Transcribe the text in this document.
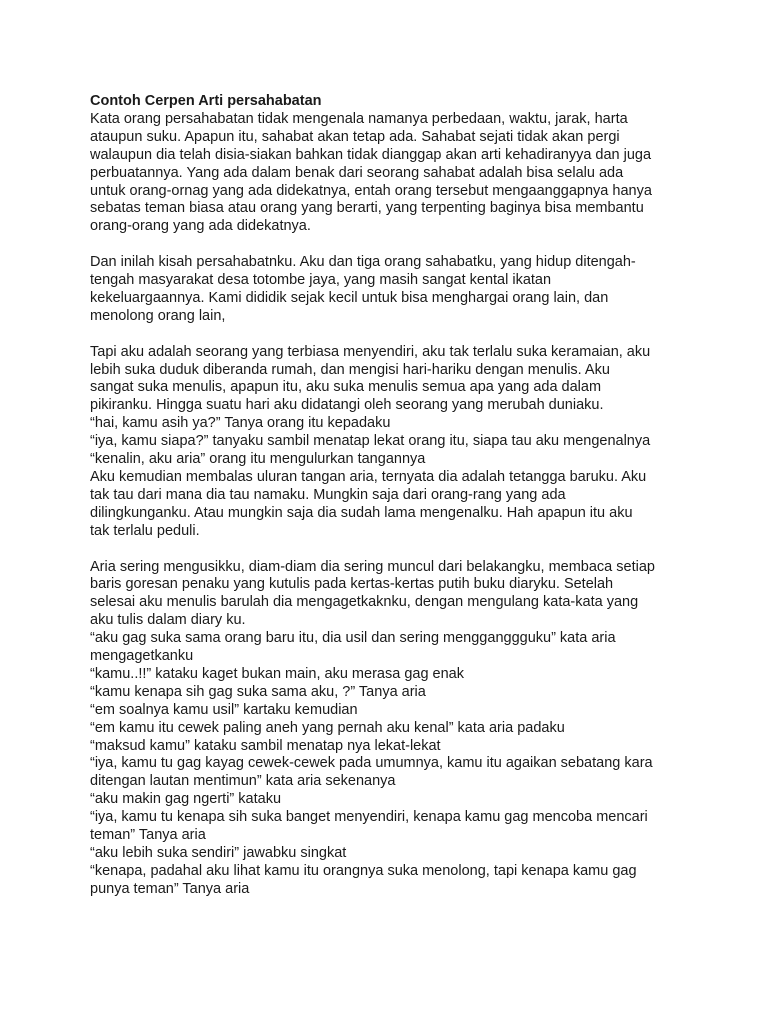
Contoh Cerpen Arti persahabatan
Kata orang persahabatan tidak mengenala namanya perbedaan, waktu, jarak, harta
ataupun suku. Apapun itu, sahabat akan tetap ada. Sahabat sejati tidak akan pergi
walaupun dia telah disia-siakan bahkan tidak dianggap akan arti kehadiranyya dan juga
perbuatannya. Yang ada dalam benak dari seorang sahabat adalah bisa selalu ada
untuk orang-ornag yang ada didekatnya, entah orang tersebut mengaanggapnya hanya
sebatas teman biasa atau orang yang berarti, yang terpenting baginya bisa membantu
orang-orang yang ada didekatnya.
Dan inilah kisah persahabatnku. Aku dan tiga orang sahabatku, yang hidup ditengah-
tengah masyarakat desa totombe jaya, yang masih sangat kental ikatan
kekeluargaannya. Kami dididik sejak kecil untuk bisa menghargai orang lain, dan
menolong orang lain,
Tapi aku adalah seorang yang terbiasa menyendiri, aku tak terlalu suka keramaian, aku
lebih suka duduk diberanda rumah, dan mengisi hari-hariku dengan menulis. Aku
sangat suka menulis, apapun itu, aku suka menulis semua apa yang ada dalam
pikiranku. Hingga suatu hari aku didatangi oleh seorang yang merubah duniaku.
“hai, kamu asih ya?” Tanya orang itu kepadaku
“iya, kamu siapa?” tanyaku sambil menatap lekat orang itu, siapa tau aku mengenalnya
“kenalin, aku aria” orang itu mengulurkan tangannya
Aku kemudian membalas uluran tangan aria, ternyata dia adalah tetangga baruku. Aku
tak tau dari mana dia tau namaku. Mungkin saja dari orang-rang yang ada
dilingkunganku. Atau mungkin saja dia sudah lama mengenalku. Hah apapun itu aku
tak terlalu peduli.
Aria sering mengusikku, diam-diam dia sering muncul dari belakangku, membaca setiap
baris goresan penaku yang kutulis pada kertas-kertas putih buku diaryku. Setelah
selesai aku menulis barulah dia mengagetkaknku, dengan mengulang kata-kata yang
aku tulis dalam diary ku.
“aku gag suka sama orang baru itu, dia usil dan sering mengganggguku” kata aria
mengagetkanku
“kamu..!!” kataku kaget bukan main, aku merasa gag enak
“kamu kenapa sih gag suka sama aku, ?” Tanya aria
“em soalnya kamu usil” kartaku kemudian
“em kamu itu cewek paling aneh yang pernah aku kenal” kata aria padaku
“maksud kamu” kataku sambil menatap nya lekat-lekat
“iya, kamu tu gag kayag cewek-cewek pada umumnya, kamu itu agaikan sebatang kara
ditengan lautan mentimun” kata aria sekenanya
“aku makin gag ngerti” kataku
“iya, kamu tu kenapa sih suka banget menyendiri, kenapa kamu gag mencoba mencari
teman” Tanya aria
“aku lebih suka sendiri” jawabku singkat
“kenapa, padahal aku lihat kamu itu orangnya suka menolong, tapi kenapa kamu gag
punya teman” Tanya aria
